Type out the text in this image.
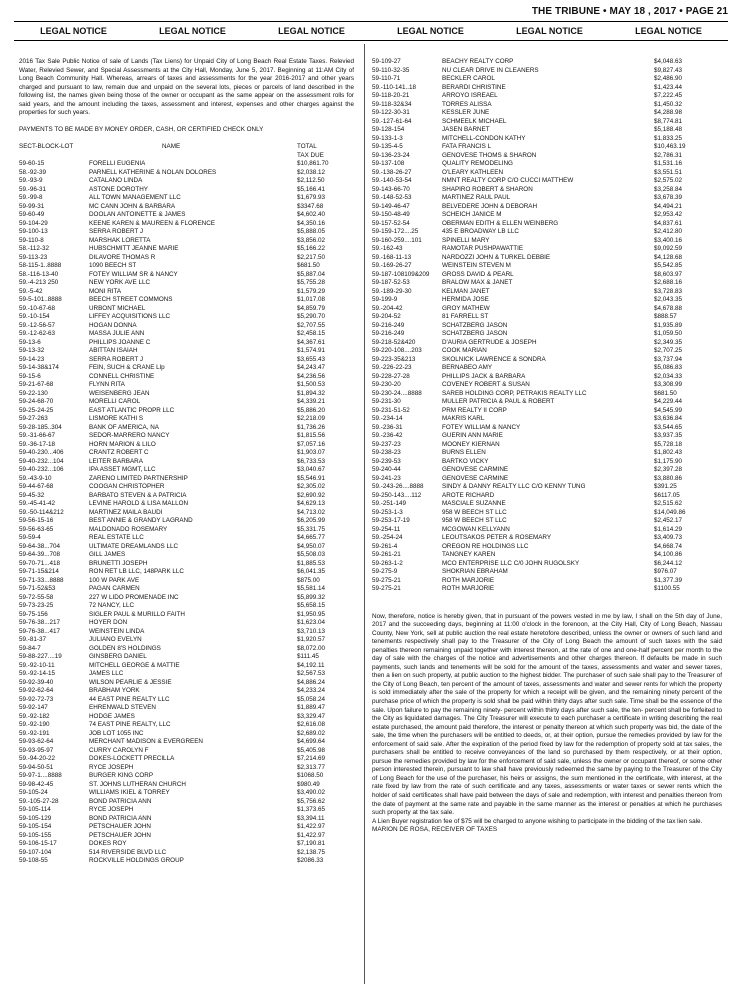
THE TRIBUNE • MAY 18 , 2017 • PAGE 21
LEGAL NOTICE	LEGAL NOTICE	LEGAL NOTICE	LEGAL NOTICE	LEGAL NOTICE	LEGAL NOTICE

2016 Tax Sale Public Notice of sale of Lands (Tax Liens) for Unpaid City of Long Beach Real Estate Taxes. Relevied Water, Relevied Sewer, and Special Assessments at the City Hall, Monday, June 5, 2017. Beginning at 11:AM City of Long Beach Community Hall. Whereas, arrears of taxes and assessments for the year 2016-2017 and other years charged and pursuant to law, remain due and unpaid on the several lots, pieces or parcels of land described in the following list, the names given being those of the owner or occupant as the same appear on the assessment rolls for said years, and the amount including the taxes, assessment and interest, expenses and other charges against the properties for such years.

PAYMENTS TO BE MADE BY MONEY ORDER, CASH, OR CERTIFIED CHECK ONLY

SECT-BLOCK-LOT	NAME	TOTAL
TAX DUE
59-60-15	FORELLI EUGENIA	$10,861.70
58.-92-39	PARNELL KATHERINE & NOLAN DOLORES	$2,038.12
59.-93-9	CATALANO LINDA	$2,112.50
59.-96-31	ASTONE DOROTHY	$5,166.41
59.-99-8	ALL TOWN MANAGEMENT LLC	$1,679.93
59-99-31	MC CANN JOHN & BARBARA	$3347.68
59-60-49	DOOLAN ANTOINETTE & JAMES	$4,602.40
59-104-29	KEENE KAREN & MAUREEN & FLORENCE	$4,350.16
59-100-13	SERRA ROBERT J	$5,888.05
59-110-8	MARSHAK LORETTA	$3,856.02
58.-112-32	HUBSCHMITT JEANNE MARIE	$5,166.22
59-113-23	DILAVORE THOMAS R	$2,217.50
58-115-1..8888	1090 BEECH ST	$681.50
58.-116-13-40	FOTEY WILLIAM SR & NANCY	$5,887.04
59.-4-213 250	NEW YORK AVE LLC	$5,755.28
59.-5-42	MONI RITA	$1,579.29
59-5-101..8888	BEECH STREET COMMONS	$1,017.08
59.-10-67-68	URBONT MICHAEL	$4,859.79
59.-10-154	LIFFEY ACQUISITIONS LLC	$5,290.70
59.-12-56-57	HOGAN DONNA	$2,707.55
59.-12-62-63	MASSA JULIE ANN	$2,458.15
59-13-6	PHILLIPS JOANNE C	$4,367.61
59-13-32	ABITTAN ISAIAH	$1,574.91
59-14-23	SERRA ROBERT J	$3,655.43
59-14-38&174	FEIN, SUCH & CRANE Llp	$4,243.47
59-15-6	CONNELL CHRISTINE	$4,236.56
59-21-67-68	FLYNN RITA	$1,500.53
59-22-130	WEISENBERG JEAN	$1,894.32
59-24-68-70	MORELLI CAROL	$4,339.21
59-25-24-25	EAST ATLANTIC PROPR LLC	$5,886.20
59-27-263	LISMORE KATHI S	$2,218.09
59-28-185..304	BANK OF AMERICA, NA	$1,736.26
59.-31-66-67	SEDOR-MARRERO NANCY	$1,815.56
59.-36-17-18	HORN MARION & LILO	$7,057.16
59-40-230...406	CRANTZ ROBERT C	$1,903.07
59-40-232...104	LEITER BARBARA	$6,733.53
59-40-232...106	IPA ASSET MGMT, LLC	$3,040.67
59.-43-9-10	ZARENO LIMITED PARTNERSHIP	$5,546.91
59-44-67-68	COOGAN CHRISTOPHER	$2,305.02
59-45-32	BARBATO STEVEN & A PATRICIA	$2,690.92
59.-45-41-42	LEVINE HAROLD & LISA MALLON	$4,629.13
59.-50-114&212	MARTINEZ MAILA BAUDI	$4,713.02
59-56-15-16	BEST ANNIE & GRANDY LAGRAND	$6,205.99
59-56-63-65	MALDONADO ROSEMARY	$5,331.75
59-59-4	REAL ESTATE LLC	$4,665.77
59-64-38...704	ULTIMATE DREAMLANDS LLC	$4,950.07
59-64-39...708	GILL JAMES	$5,508.03
59-70-71...418	BRUNETTI JOSEPH	$1,885.53
59-71-15&214	RON RET LB LLC, 148PARK LLC	$6,041.35
59-71-33...8888	100 W PARK AVE	$875.00
59-71-52&53	PAGAN CARMEN	$5,581.14
59-72-55-58	227 W LIDO PROMENADE INC	$5,899.32
59-73-23-25	72 NANCY, LLC	$5,658.15
59-75-156	SIGLER PAUL & MURILLO FAITH	$1,950.95
59-76-38...217	HOYER DON	$1,623.04
59-76-38...417	WEINSTEIN LINDA	$3,710.13
59.-81-37	JULIANO EVELYN	$1,920.57
59-84-7	GOLDEN 8'S HOLDINGS	$8,072.00
59-88-227....19	GINSBERG DANIEL	$111.45
59.-92-10-11	MITCHELL GEORGE & MATTIE	$4,192.11
59.-92-14-15	JAMES LLC	$2,567.53
59-92-39-40	WILSON PEARLIE & JESSIE	$4,886.24
59-92-62-64	BRABHAM YORK	$4,233.24
59-92-72-73	44 EAST PINE REALTY LLC	$5,058.24
59-92-147	EHRENWALD STEVEN	$1,889.47
59.-92-182	HODGE JAMES	$3,329.47
59.-92-190	74 EAST PINE REALTY, LLC	$2,616.08
59.-92-191	JOB LOT 1055 INC	$2,689.02
59-93-62-64	MERCHANT MADISON & EVERGREEN	$4,699.64
59-93-95-97	CURRY CAROLYN F	$5,405.98
59.-94-20-22	DOKES-LOCKETT PRECILLA	$7,214.69
59-94-50-51	RYCE JOSEPH	$2,313.77
59-97-1....8888	BURGER KING CORP	$1068.50
59-98-42-45	ST. JOHNS LUTHERAN CHURCH	$980.49
59-105-24	WILLIAMS IKIEL & TORREY	$3,490.02
59.-105-27-28	BOND PATRICIA ANN	$5,756.62
59-105-114	RYCE JOSEPH	$1,373.65
59-105-129	BOND PATRICIA ANN	$3,394.11
59-105-154	PETSCHAUER JOHN	$1,422.97
59-105-155	PETSCHAUER JOHN	$1,422.97
59-106-15-17	DOKES ROY	$7,190.81
59-107-104	514 RIVERSIDE BLVD LLC	$2,138.75
59-108-55	ROCKVILLE HOLDINGS GROUP	$2086.33
59-109-27	BEACHY REALTY CORP	$4,048.63
59-110-32-35	NU CLEAR DRIVE IN CLEANERS	$9,827.43
59-110-71	BECKLER CAROL	$2,486.90
59.-110-141..18	BERARDI CHRISTINE	$1,423.44
59-118-20-21	ARROYO ISREAEL	$7,222.45
59-118-32&34	TORRES ALISSA	$1,450.32
59-122-30-31	KESSLER JUNE	$4,288.98
59.-127-61-64	SCHMEELK MICHAEL	$8,774.81
59-128-154	JASEN BARNET	$5,188.48
59-133-1-3	MITCHELL-CONDON KATHY	$1,833.25
59-135-4-5	FATA FRANCIS L	$10,463.19
59-136-23-24	GENOVESE THOMS & SHARON	$2,786.31
59-137-108	QUALITY REMODELING	$1,531.16
59.-138-26-27	O'LEARY KATHLEEN	$3,551.51
59.-140-53-54	NMNT REALTY CORP C/O CUCCI MATTHEW	$2,575.02
59-143-66-70	SHAPIRO ROBERT & SHARON	$3,258.84
59.-148-52-53	MARTINEZ RAUL PAUL	$3,678.39
59-149-46-47	BELVEDERE JOHN & DEBORAH	$4,494.21
59-150-48-49	SCHEICH JANICE M	$2,953.42
59-157-52-54	OBERMAN EDITH & ELLEN WEINBERG	$4,837.61
59-159-172....25	435 E BROADWAY LB LLC	$2,412.80
59-160-259....101	SPINELLI MARY	$3,400.16
59.-162-43	RAMOTAR PUSHPAWATTIE	$9,092.59
59.-168-11-13	NARDOZZI JOHN & TURKEL DEBBIE	$4,128.68
59.-169-26-27	WEINSTEIN STEVEN M	$5,542.85
59-187-108109&209 GROSS DAVID & PEARL	$8,603.97
59-187-52-53	BRALOW MAX & JANET	$2,688.16
59.-189-29-30	KELMAN JANET	$3,728.83
59-199-9	HERMIDA JOSE	$2,043.35
59.-204-42	GROY MATHEW	$4,678.88
59-204-52	81 FARRELL ST	$888.57
59-216-249	SCHATZBERG JASON	$1,935.89
59-216-249	SCHATZBERG JASON	$1,059.50
59-218-52&420	D'AURIA GERTRUDE & JOSEPH	$2,349.35
59-220-108....203	COOK MARIAN	$2,707.25
59-223-35&213	SKOLNICK LAWRENCE & SONDRA	$3,737.94
59.-226-22-23	BERNABEO AMY	$5,086.83
59-228-27-28	PHILLIPS JACK & BARBARA	$2,034.33
59-230-20	COVENEY ROBERT & SUSAN	$3,308.99
59-230-24....8888	SAREB HOLDING CORP, PETRAKIS REALTY LLC	$681.50
59-231-30	MULLER PATRICIA & PAUL & ROBERT	$4,229.44
59-231-51-52	PRM REALTY II CORP	$4,545.99
59.-234-14	MAKRIS KARL	$3,636.84
59.-236-31	FOTEY WILLIAM & NANCY	$3,544.65
59.-236-42	GUERIN ANN MARIE	$3,937.35
59-237-23	MOONEY KIERNAN	$5,728.18
59-238-23	BURNS ELLEN	$1,802.43
59-239-53	BARTKO VICKY	$1,175.90
59-240-44	GENOVESE CARMINE	$2,397.28
59-241-23	GENOVESE CARMINE	$3,880.86
59.-243-26....8888	SINDY & DANNY REALTY LLC C/O KENNY TUNG	$391.25
59-250-143....112	AROTE RICHARD	$6117.05
59.-251-149	MASCIALE SUZANNE	$2,515.62
59-253-1-3	958 W BEECH ST LLC	$14,049.86
59-253-17-19	958 W BEECH ST LLC	$2,452.17
59-254-11	MCGOWAN KELLYANN	$1,614.29
59.-254-24	LEOUTSAKOS PETER & ROSEMARY	$3,409.73
59-261-4	OREGON RE HOLDINGS LLC	$4,668.74
59-261-21	TANGNEY KAREN	$4,100.86
59-263-1-2	MCO ENTERPRISE LLC C/0 JOHN RUGOLSKY	$6,244.12
59-275-9	SHOKRIAN EBRAHAM	$976.07
59-275-21	ROTH MARJORIE	$1,377.39
59-275-21	ROTH MARJORIE	$1100.55

Now, therefore, notice is hereby given, that in pursuant of the powers vested in me by law, I shall on the 5th day of June, 2017 and the succeeding days, beginning at 11:00 o'clock in the forenoon, at the City Hall, City of Long Beach, Nassau County, New York, sell at public auction the real estate heretofore described, unless the owner or owners of such land and tenements respectively shall pay to the Treasurer of the City of Long Beach the amount of such taxes with the said penalties thereon remaining unpaid together with interest thereon, at the rate of one and one-half percent per month to the day of sale with the charges of the notice and advertisements and other charges thereon. If defaults be made in such payments, such lands and tenements will be sold for the amount of the taxes, assessments and water and sewer taxes, then a lien on such property, at public auction to the highest bidder. The purchaser of such sale shall pay to the Treasurer of the City of Long Beach, ten percent of the amount of taxes, assessments and water and sewer rents for which the property is sold immediately after the sale of the property for which a receipt will be given, and the remaining ninety percent of the purchase price of which the property is sold shall be paid within thirty days after such sale. Time shall be the essence of the sale. Upon failure to pay the remaining ninety- percent within thirty days after such sale, the ten- percent shall be forfeited to the City as liquidated damages. The City Treasurer will execute to each purchaser a certificate in writing describing the real estate purchased, the amount paid therefore, the interest or penalty thereon at which such property was bid, the date of the sale, the time when the purchasers will be entitled to deeds, or, at their option, pursue the remedies provided by law for the enforcement of said sale. After the expiration of the period fixed by law for the redemption of property sold at tax sales, the purchasers shall be entitled to receive conveyances of the land so purchased by them respectively, or at their option, pursue the remedies provided by law for the enforcement of said sale, unless the owner or occupant thereof, or some other person interested therein, pursuant to law shall have previously redeemed the same by paying to the Treasurer of the City of Long Beach for the use of the purchaser, his heirs or assigns, the sum mentioned in the certificate, with interest, at the rate fixed by law from the rate of such certificate and any taxes, assessments or water taxes or sewer rents which the holder of said certificates shall have paid between the days of sale and redemption, with interest and penalties thereon from the date of payment at the same rate and payable in the same manner as the interest or penalties at which he purchases such property at the tax sale.

A Lien Buyer registration fee of $75 will be charged to anyone wishing to participate in the bidding of the tax lien sale.

MARION DE ROSA, RECEIVER OF TAXES
